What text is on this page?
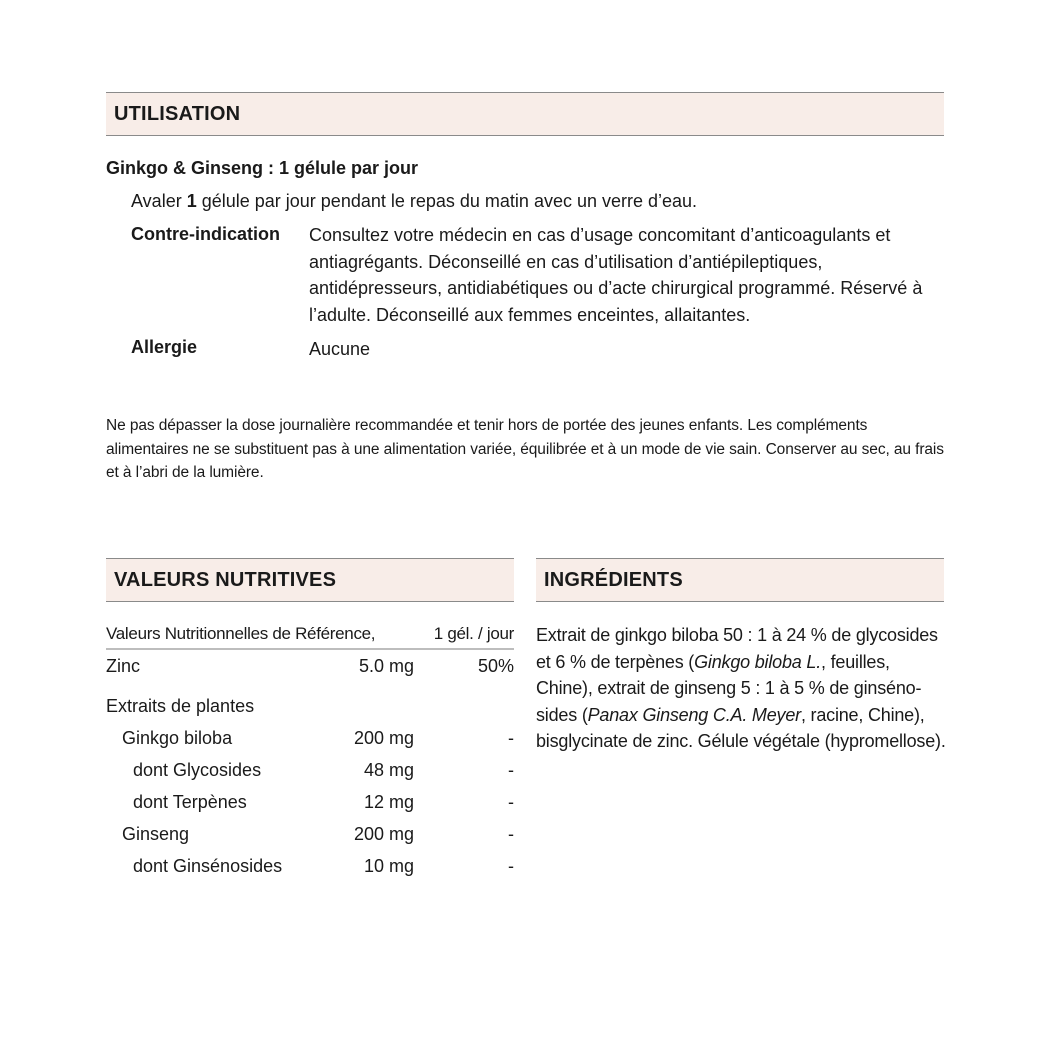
UTILISATION
Ginkgo & Ginseng : 1 gélule par jour
Avaler 1 gélule par jour pendant le repas du matin avec un verre d’eau.
Contre-indication Consultez votre médecin en cas d’usage concomitant d’anticoagulants et antiagrégants. Déconseillé en cas d’utilisation d’antiépileptiques, antidépresseurs, antidiabétiques ou d’acte chirurgical programmé. Réservé à l’adulte. Déconseillé aux femmes enceintes, allaitantes.
Allergie	Aucune
Ne pas dépasser la dose journalière recommandée et tenir hors de portée des jeunes enfants. Les compléments alimentaires ne se substituent pas à une alimentation variée, équilibrée et à un mode de vie sain. Conserver au sec, au frais et à l’abri de la lumière.
VALEURS NUTRITIVES
Valeurs Nutritionnelles de Référence,	1 gél. / jour
Zinc	5.0 mg	50%
Extraits de plantes
Ginkgo biloba	200 mg	-
dont Glycosides	48 mg	-
dont Terpènes	12 mg	-
Ginseng	200 mg	-
dont Ginsénosides	10 mg	-
INGRÉDIENTS
Extrait de ginkgo biloba 50 : 1 à 24 % de glycosides et 6 % de terpènes (Ginkgo biloba L., feuilles, Chine), extrait de ginseng 5 : 1 à 5 % de ginsénosides (Panax Ginseng C.A. Meyer, racine, Chine), bisglycinate de zinc. Gélule végétale (hypromellose).
